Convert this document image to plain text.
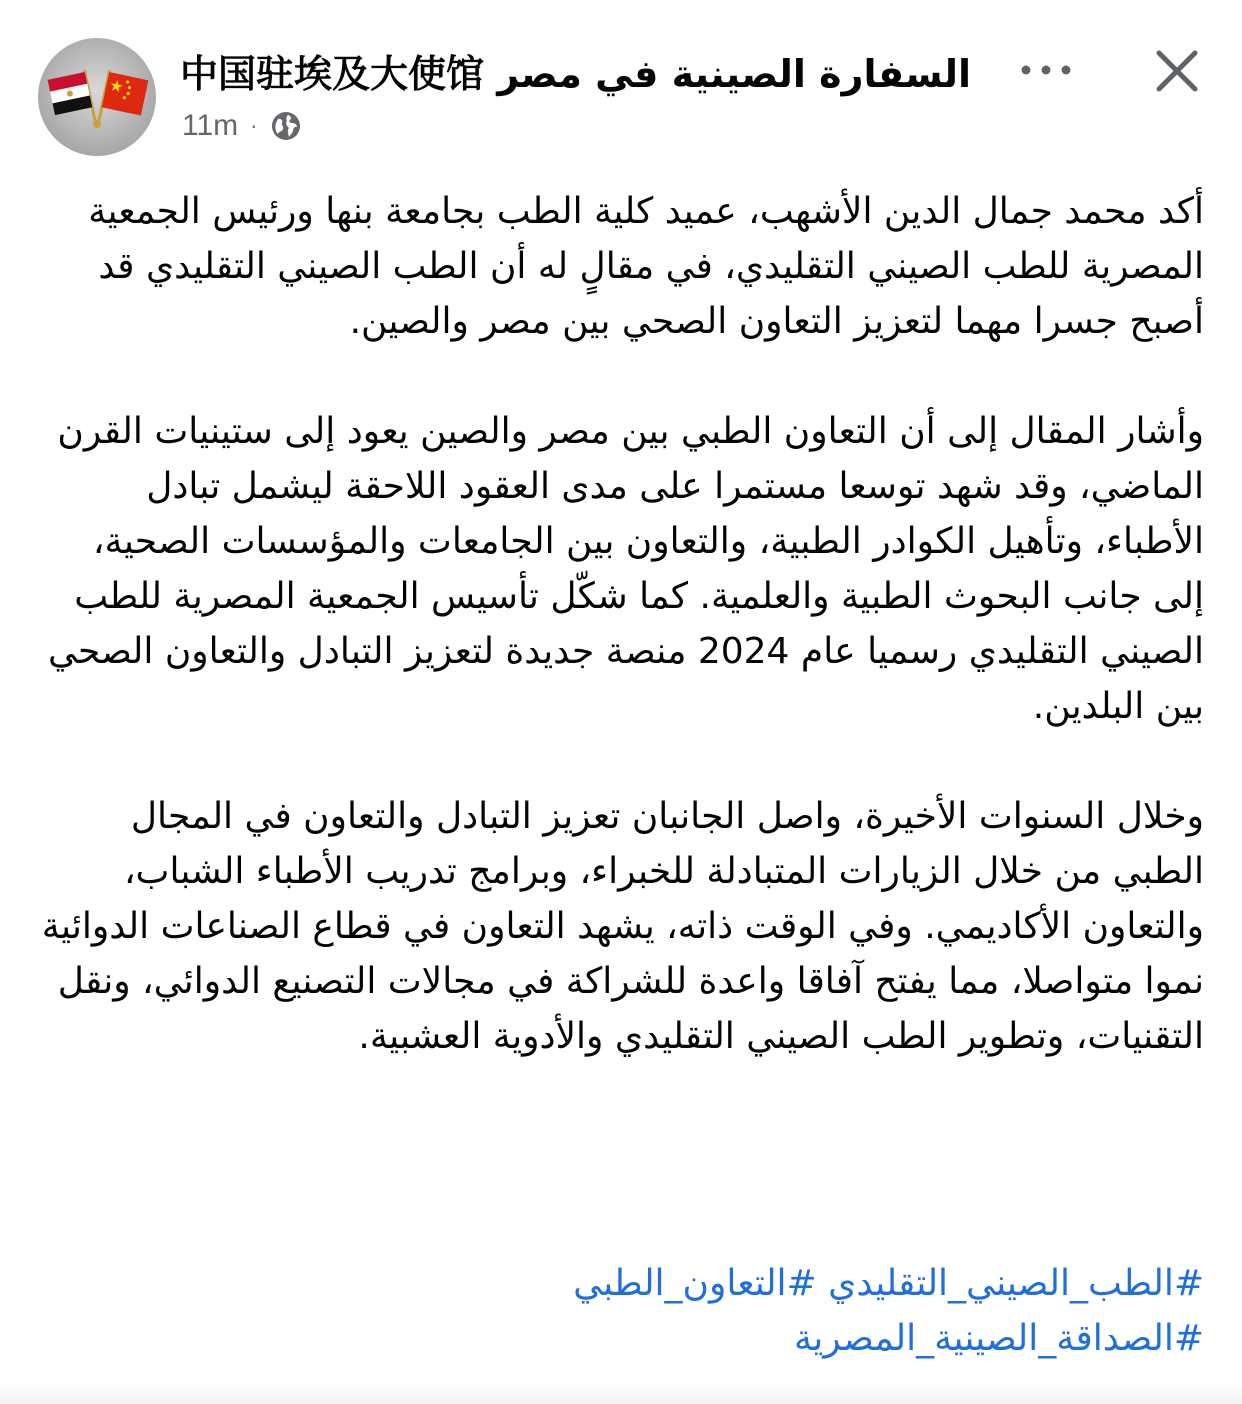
中国驻埃及大使馆 السفارة الصينية في مصر
11m ·

أكد محمد جمال الدين الأشهب، عميد كلية الطب بجامعة بنها ورئيس الجمعية المصرية للطب الصيني التقليدي، في مقالٍ له أن الطب الصيني التقليدي قد أصبح جسرا مهما لتعزيز التعاون الصحي بين مصر والصين.

وأشار المقال إلى أن التعاون الطبي بين مصر والصين يعود إلى ستينيات القرن الماضي، وقد شهد توسعا مستمرا على مدى العقود اللاحقة ليشمل تبادل الأطباء، وتأهيل الكوادر الطبية، والتعاون بين الجامعات والمؤسسات الصحية، إلى جانب البحوث الطبية والعلمية. كما شكّل تأسيس الجمعية المصرية للطب الصيني التقليدي رسميا عام 2024 منصة جديدة لتعزيز التبادل والتعاون الصحي بين البلدين.

وخلال السنوات الأخيرة، واصل الجانبان تعزيز التبادل والتعاون في المجال الطبي من خلال الزيارات المتبادلة للخبراء، وبرامج تدريب الأطباء الشباب، والتعاون الأكاديمي. وفي الوقت ذاته، يشهد التعاون في قطاع الصناعات الدوائية نموا متواصلا، مما يفتح آفاقا واعدة للشراكة في مجالات التصنيع الدوائي، ونقل التقنيات، وتطوير الطب الصيني التقليدي والأدوية العشبية.

#الطب_الصيني_التقليدي #التعاون_الطبي
#الصداقة_الصينية_المصرية
